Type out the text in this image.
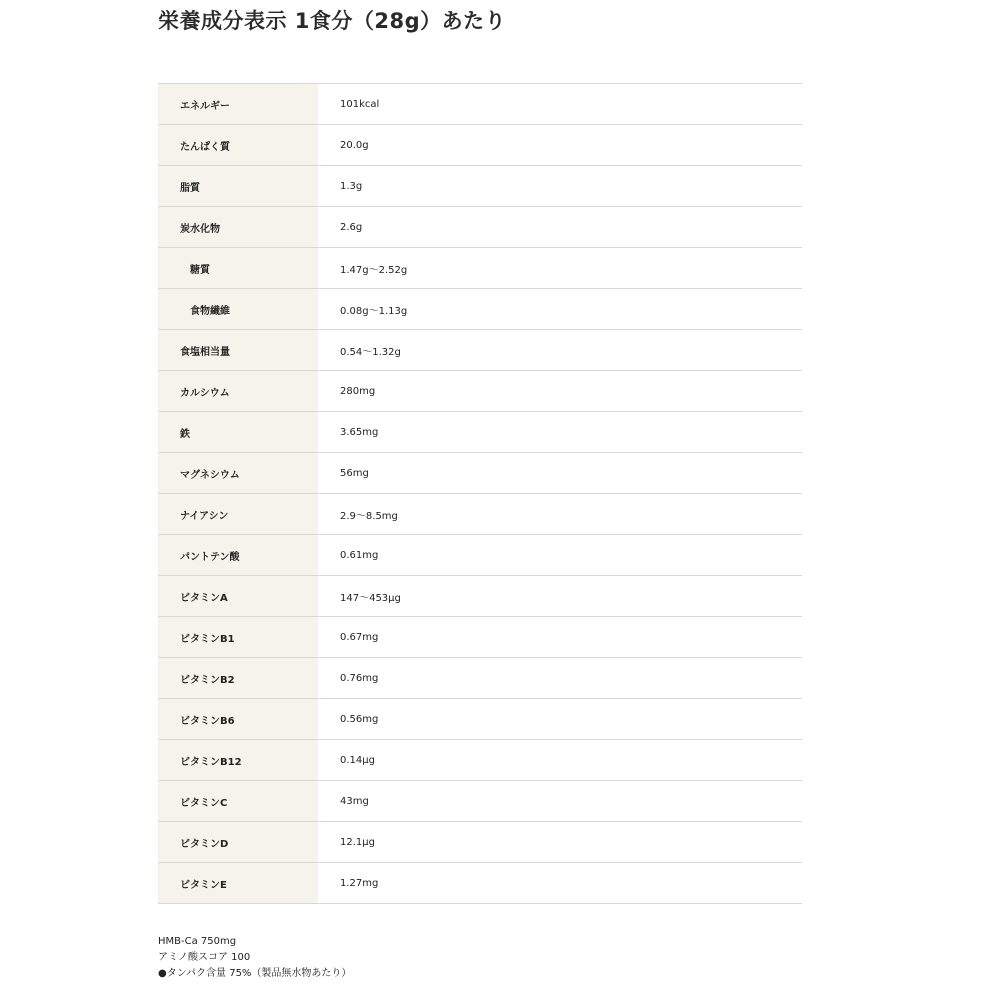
栄養成分表示 1食分（28g）あたり
エネルギー	101kcal
たんぱく質	20.0g
脂質	1.3g
炭水化物	2.6g
糖質	1.47g～2.52g
食物繊維	0.08g～1.13g
食塩相当量	0.54～1.32g
カルシウム	280mg
鉄	3.65mg
マグネシウム	56mg
ナイアシン	2.9～8.5mg
パントテン酸	0.61mg
ビタミンA	147～453μg
ビタミンB1	0.67mg
ビタミンB2	0.76mg
ビタミンB6	0.56mg
ビタミンB12	0.14μg
ビタミンC	43mg
ビタミンD	12.1μg
ビタミンE	1.27mg
HMB-Ca 750mg
アミノ酸スコア 100
●タンパク含量 75%（製品無水物あたり）
